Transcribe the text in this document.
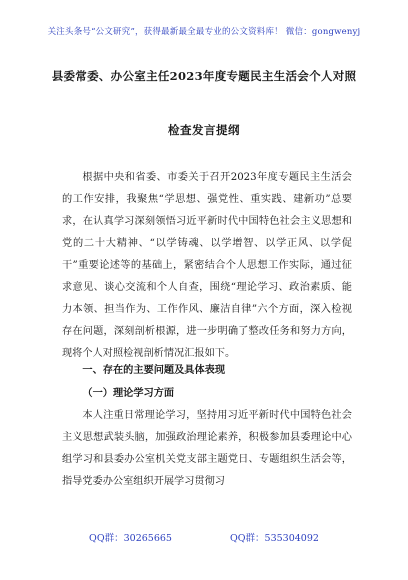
关注头条号“公文研究”，获得最新最全最专业的公文资料库！ 微信：gongwenyj
县委常委、办公室主任2023年度专题民主生活会个人对照
检查发言提纲
根据中央和省委、市委关于召开2023年度专题民主生活会的工作安排，我聚焦“学思想、强党性、重实践、建新功”总要求，在认真学习深刻领悟习近平新时代中国特色社会主义思想和党的二十大精神、“以学铸魂、以学增智、以学正风、以学促干”重要论述等的基础上，紧密结合个人思想工作实际，通过征求意见、谈心交流和个人自查，围绕“理论学习、政治素质、能力本领、担当作为、工作作风、廉洁自律”六个方面，深入检视存在问题，深刻剖析根源，进一步明确了整改任务和努力方向，现将个人对照检视剖析情况汇报如下。
一、存在的主要问题及具体表现
（一）理论学习方面
本人注重日常理论学习，坚持用习近平新时代中国特色社会主义思想武装头脑，加强政治理论素养，积极参加县委理论中心组学习和县委办公室机关党支部主题党日、专题组织生活会等，指导党委办公室组织开展学习贯彻习
QQ群：30265665	QQ群：535304092
